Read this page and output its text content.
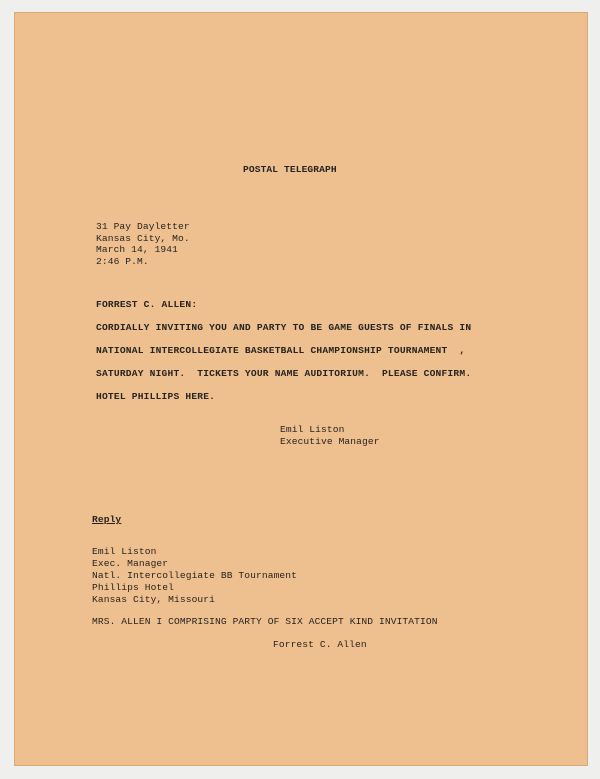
POSTAL TELEGRAPH
31 Pay Dayletter
Kansas City, Mo.
March 14, 1941
2:46 P.M.
FORREST C. ALLEN:
CORDIALLY INVITING YOU AND PARTY TO BE GAME GUESTS OF FINALS IN
NATIONAL INTERCOLLEGIATE BASKETBALL CHAMPIONSHIP TOURNAMENT  ,
SATURDAY NIGHT.  TICKETS YOUR NAME AUDITORIUM.  PLEASE CONFIRM.
HOTEL PHILLIPS HERE.
Emil Liston
Executive Manager
Reply
Emil Liston
Exec. Manager
Natl. Intercollegiate BB Tournament
Phillips Hotel
Kansas City, Missouri
MRS. ALLEN I COMPRISING PARTY OF SIX ACCEPT KIND INVITATION
Forrest C. Allen
